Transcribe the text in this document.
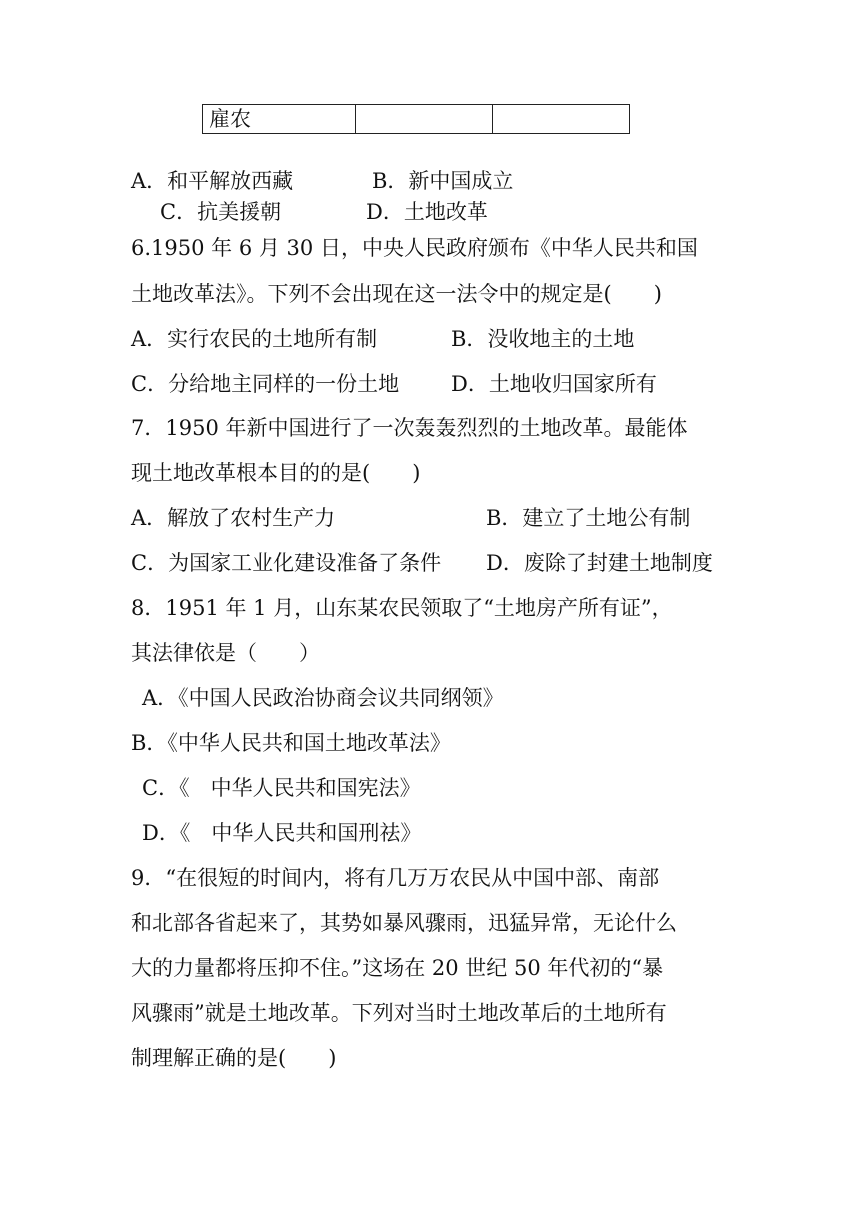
雇农		
A．和平解放西藏	B．新中国成立
C．抗美援朝	D．土地改革
6.1950 年 6 月 30 日，中央人民政府颁布《中华人民共和国
土地改革法》。下列不会出现在这一法令中的规定是(　　)
A．实行农民的土地所有制	B．没收地主的土地
C．分给地主同样的一份土地 D．土地收归国家所有
7．1950 年新中国进行了一次轰轰烈烈的土地改革。最能体
现土地改革根本目的的是(　　)
A．解放了农村生产力	B．建立了土地公有制
C．为国家工业化建设准备了条件 D．废除了封建土地制度
8．1951 年 1 月，山东某农民领取了“土地房产所有证”，
其法律依是（　　）
A．《中国人民政治协商会议共同纲领》
B．《中华人民共和国土地改革法》
C．《　中华人民共和国宪法》
D．《　中华人民共和国刑祛》
9．“在很短的时间内，将有几万万农民从中国中部、南部
和北部各省起来了，其势如暴风骤雨，迅猛异常，无论什么
大的力量都将压抑不住。”这场在 20 世纪 50 年代初的“暴
风骤雨”就是土地改革。下列对当时土地改革后的土地所有
制理解正确的是(　　)
